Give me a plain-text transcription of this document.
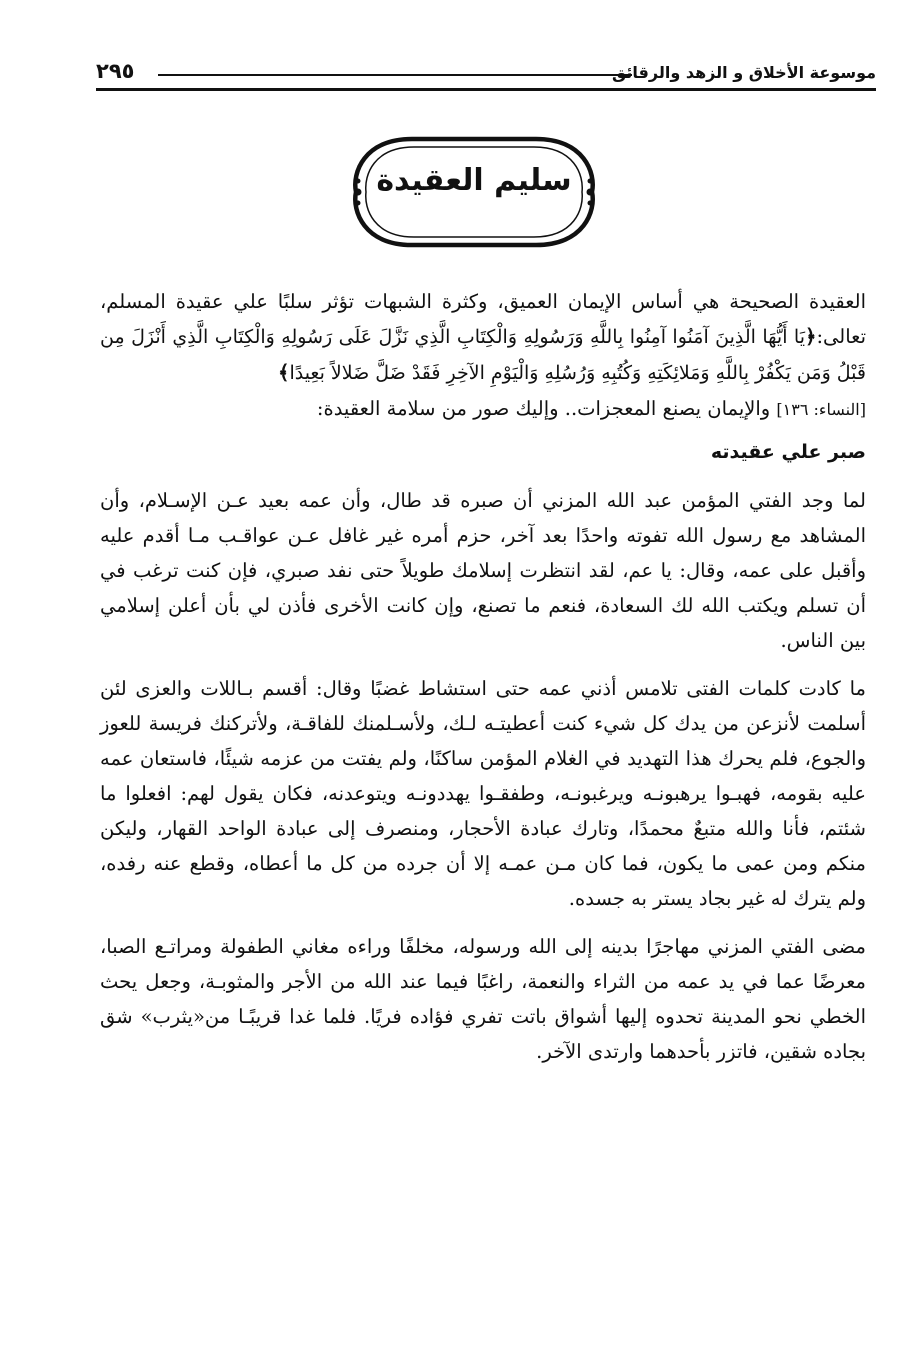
موسوعة الأخلاق و الزهد والرقائق
٢٩٥
سليم العقيدة

العقيدة الصحيحة هي أساس الإيمان العميق، وكثرة الشبهات تؤثر سلبًا علي عقيدة المسلم، تعالى:﴿يَا أَيُّهَا الَّذِينَ آمَنُوا آمِنُوا بِاللَّهِ وَرَسُولِهِ وَالْكِتَابِ الَّذِي نَزَّلَ عَلَى رَسُولِهِ وَالْكِتَابِ الَّذِي أَنْزَلَ مِن قَبْلُ وَمَن يَكْفُرْ بِاللَّهِ وَمَلائِكَتِهِ وَكُتُبِهِ وَرُسُلِهِ وَالْيَوْمِ الآخِرِ فَقَدْ ضَلَّ ضَلالاً بَعِيدًا﴾
[النساء: ١٣٦] والإيمان يصنع المعجزات.. وإليك صور من سلامة العقيدة:

صبر علي عقيدته

لما وجد الفتي المؤمن عبد الله المزني أن صبره قد طال، وأن عمه بعيد عـن الإسـلام، وأن المشاهد مع رسول الله تفوته واحدًا بعد آخر، حزم أمره غير غافل عـن عواقـب مـا أقدم عليه وأقبل على عمه، وقال: يا عم، لقد انتظرت إسلامك طويلاً حتى نفد صبري، فإن كنت ترغب في أن تسلم ويكتب الله لك السعادة، فنعم ما تصنع، وإن كانت الأخرى فأذن لي بأن أعلن إسلامي بين الناس.

ما كادت كلمات الفتى تلامس أذني عمه حتى استشاط غضبًا وقال: أقسم بـاللات والعزى لئن أسلمت لأنزعن من يدك كل شيء كنت أعطيتـه لـك، ولأسـلمنك للفاقـة، ولأتركنك فريسة للعوز والجوع، فلم يحرك هذا التهديد في الغلام المؤمن ساكنًا، ولم يفتت من عزمه شيئًا، فاستعان عمه عليه بقومه، فهبـوا يرهبونـه ويرغبونـه، وطفقـوا يهددونـه ويتوعدنه، فكان يقول لهم: افعلوا ما شئتم، فأنا والله متبعٌ محمدًا، وتارك عبادة الأحجار، ومنصرف إلى عبادة الواحد القهار، وليكن منكم ومن عمى ما يكون، فما كان مـن عمـه إلا أن جرده من كل ما أعطاه، وقطع عنه رفده، ولم يترك له غير بجاد يستر به جسده.

مضى الفتي المزني مهاجرًا بدينه إلى الله ورسوله، مخلفًا وراءه مغاني الطفولة ومراتـع الصبا، معرضًا عما في يد عمه من الثراء والنعمة، راغبًا فيما عند الله من الأجر والمثوبـة، وجعل يحث الخطي نحو المدينة تحدوه إليها أشواق باتت تفري فؤاده فريًا. فلما غدا قريبًـا من«يثرب» شق بجاده شقين، فاتزر بأحدهما وارتدى الآخر.
